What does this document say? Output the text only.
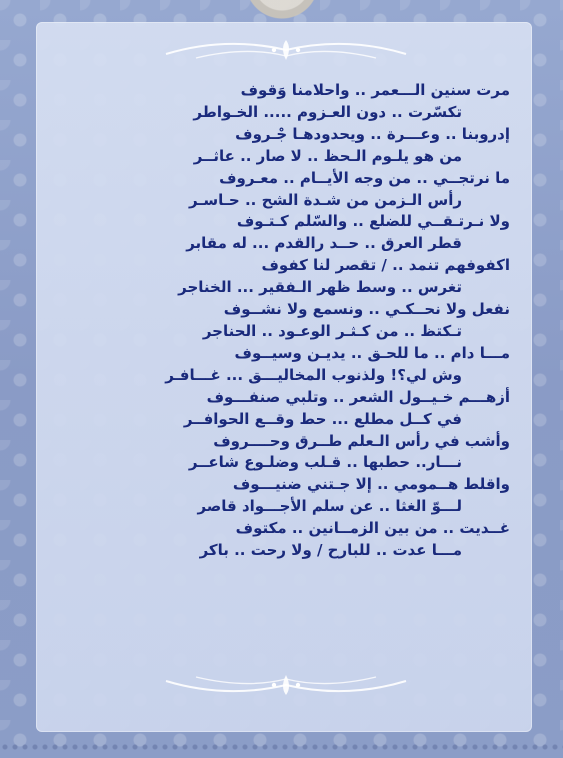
مرت سنين الـــعمر .. واحلامنا وَقوف
تكسّرت .. دون العـزوم ..... الخـواطر
إدروبنا .. وعـــرة .. ويحدودهـا جْـروف
من هو يلـوم الـحظ .. لا صار .. عاثــر
ما نرتجــي .. من وجه الأيــام .. معـروف
رأس الـزمن من شـدة الشح .. حـاسـر
ولا نـرتـقــي للضلع .. والسّلم كـتـوف
قطر العرق .. حــد رالقدم ... له مقابر
اكفوفهم تنمد .. / تقصر لنا كفوف
تغرس .. وسط ظهر الـفقير ... الخناجر
نفعل ولا نحــكـي .. ونسمع ولا نشــوف
تـكتظ .. من كـثـر الوعـود .. الحناجر
مـــا دام .. ما للحـق .. يديـن وسيــوف
وش لي؟! ولذنوب المخاليـــق ... غـــافـر
أزهـــم خـيــول الشعر .. وتلبي صنفـــوف
في كــل مطلع ... حط وقــع الحوافــر
وأشب في رأس الـعلم طــرق وحــــروف
نـــار.. حطبها .. قـلب وضلـوع شاعــر
واقلط هــمومي .. إلا جـتني ضنيـــوف
لـــوّ الغثا .. عن سلم الأجـــواد قاصر
غــديت .. من بين الزمــانين .. مكتوف
مـــا عدت .. للبارح / ولا رحت .. باكر
